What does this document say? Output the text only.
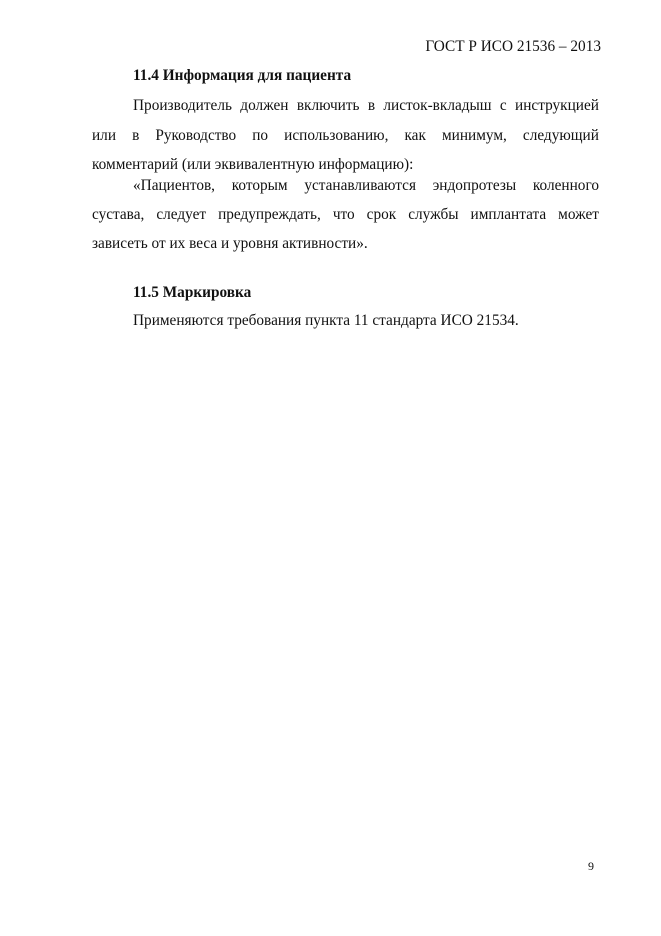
ГОСТ Р ИСО 21536 – 2013
11.4 Информация для пациента
Производитель должен включить в листок-вкладыш с инструкцией
или в Руководство по использованию, как минимум, следующий
комментарий (или эквивалентную информацию):
«Пациентов, которым устанавливаются эндопротезы коленного
сустава, следует предупреждать, что срок службы имплантата может
зависеть от их веса и уровня активности».
11.5 Маркировка
Применяются требования пункта 11 стандарта ИСО 21534.
9
